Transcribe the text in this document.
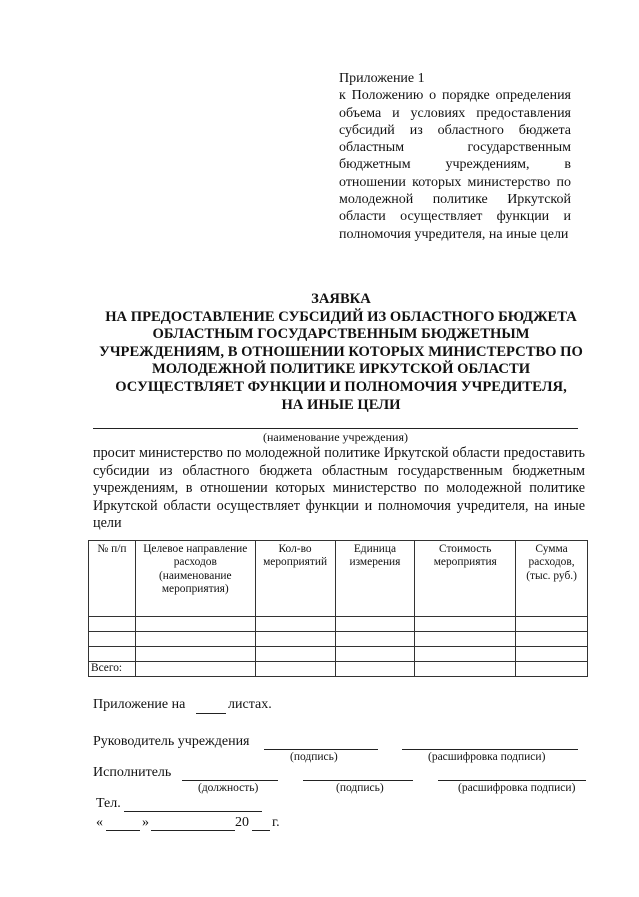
Приложение 1
к Положению о порядке определения объема и условиях предоставления субсидий из областного бюджета областным государственным бюджетным учреждениям, в отношении которых министерство по молодежной политике Иркутской области осуществляет функции и полномочия учредителя, на иные цели
ЗАЯВКА
НА ПРЕДОСТАВЛЕНИЕ СУБСИДИЙ ИЗ ОБЛАСТНОГО БЮДЖЕТА
ОБЛАСТНЫМ ГОСУДАРСТВЕННЫМ БЮДЖЕТНЫМ
УЧРЕЖДЕНИЯМ, В ОТНОШЕНИИ КОТОРЫХ МИНИСТЕРСТВО ПО
МОЛОДЕЖНОЙ ПОЛИТИКЕ ИРКУТСКОЙ ОБЛАСТИ
ОСУЩЕСТВЛЯЕТ ФУНКЦИИ И ПОЛНОМОЧИЯ УЧРЕДИТЕЛЯ,
НА ИНЫЕ ЦЕЛИ
(наименование учреждения)
просит министерство по молодежной политике Иркутской области предоставить субсидии из областного бюджета областным государственным бюджетным учреждениям, в отношении которых министерство по молодежной политике Иркутской области осуществляет функции и полномочия учредителя, на иные цели
№ п/п	Целевое направление расходов (наименование мероприятия)	Кол-во мероприятий	Единица измерения	Стоимость мероприятия	Сумма расходов, (тыс. руб.)

Всего:					
Приложение на	листах.
Руководитель учреждения
(подпись)	(расшифровка подписи)
Исполнитель
(должность)	(подпись)	(расшифровка подписи)
Тел.
«	»	20 г.
